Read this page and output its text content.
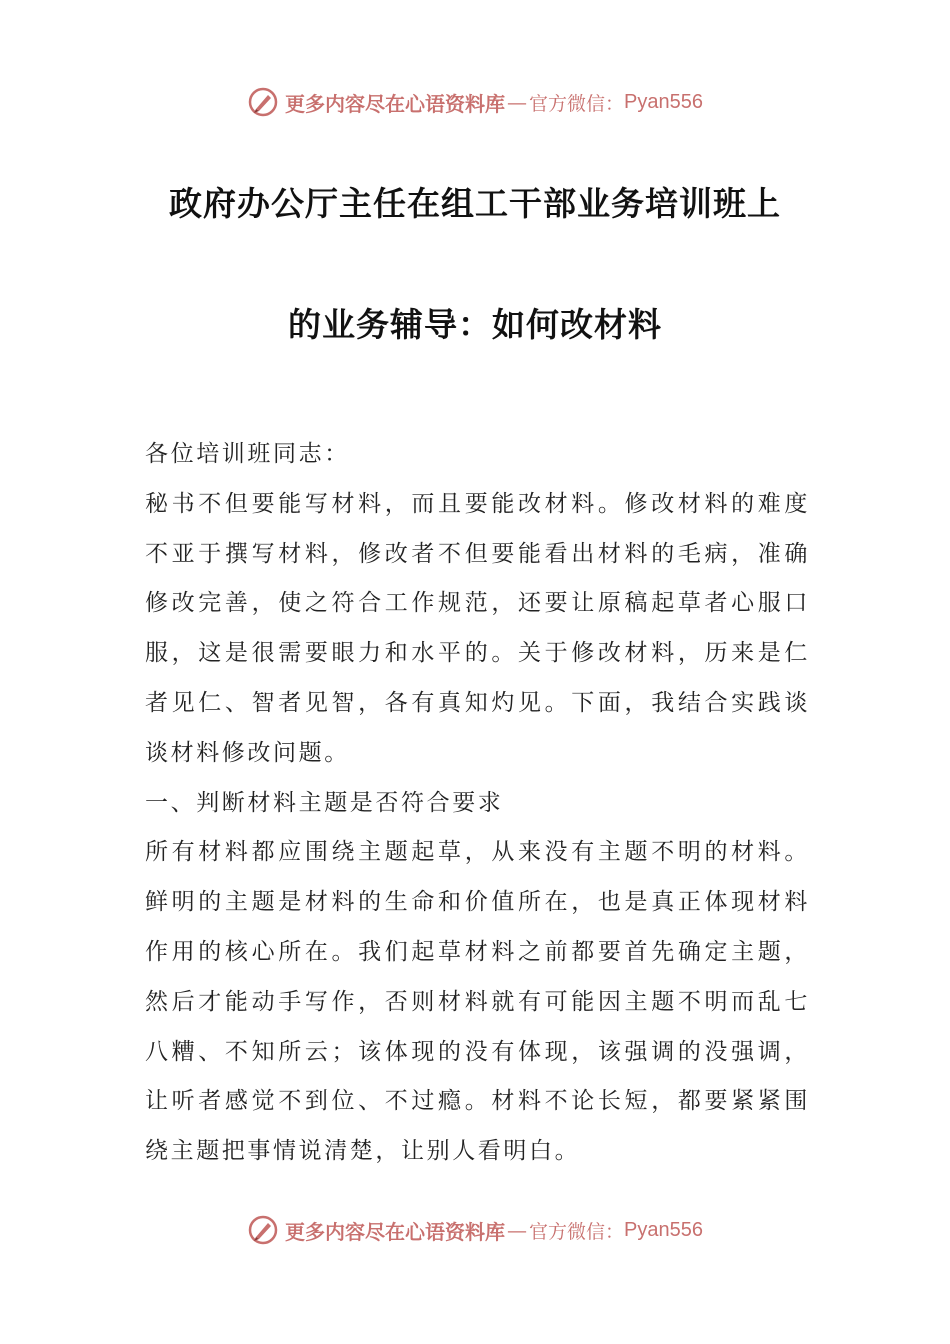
更多内容尽在心语资料库 — 官方微信： Pyan556
政府办公厅主任在组工干部业务培训班上
的业务辅导：如何改材料

各位培训班同志：

秘书不但要能写材料，而且要能改材料。修改材料的难度不亚于撰写材料，修改者不但要能看出材料的毛病，准确修改完善，使之符合工作规范，还要让原稿起草者心服口服，这是很需要眼力和水平的。关于修改材料，历来是仁者见仁、智者见智，各有真知灼见。下面，我结合实践谈谈材料修改问题。

一、判断材料主题是否符合要求

所有材料都应围绕主题起草，从来没有主题不明的材料。鲜明的主题是材料的生命和价值所在，也是真正体现材料作用的核心所在。我们起草材料之前都要首先确定主题，然后才能动手写作，否则材料就有可能因主题不明而乱七八糟、不知所云；该体现的没有体现，该强调的没强调，让听者感觉不到位、不过瘾。材料不论长短，都要紧紧围绕主题把事情说清楚，让别人看明白。

更多内容尽在心语资料库 — 官方微信： Pyan556
